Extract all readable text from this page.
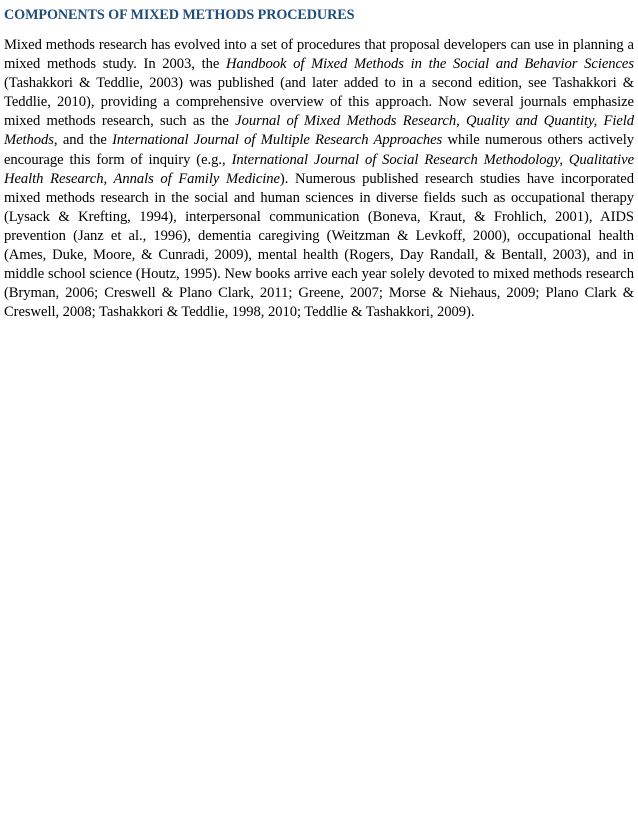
COMPONENTS OF MIXED METHODS PROCEDURES

Mixed methods research has evolved into a set of procedures that proposal developers can use in planning a mixed methods study. In 2003, the Handbook of Mixed Methods in the Social and Behavior Sciences (Tashakkori & Teddlie, 2003) was published (and later added to in a second edition, see Tashakkori & Teddlie, 2010), providing a comprehensive overview of this approach. Now several journals emphasize mixed methods research, such as the Journal of Mixed Methods Research, Quality and Quantity, Field Methods, and the International Journal of Multiple Research Approaches while numerous others actively encourage this form of inquiry (e.g., International Journal of Social Research Methodology, Qualitative Health Research, Annals of Family Medicine). Numerous published research studies have incorporated mixed methods research in the social and human sciences in diverse fields such as occupational therapy (Lysack & Krefting, 1994), interpersonal communication (Boneva, Kraut, & Frohlich, 2001), AIDS prevention (Janz et al., 1996), dementia caregiving (Weitzman & Levkoff, 2000), occupational health (Ames, Duke, Moore, & Cunradi, 2009), mental health (Rogers, Day Randall, & Bentall, 2003), and in middle school science (Houtz, 1995). New books arrive each year solely devoted to mixed methods research (Bryman, 2006; Creswell & Plano Clark, 2011; Greene, 2007; Morse & Niehaus, 2009; Plano Clark & Creswell, 2008; Tashakkori & Teddlie, 1998, 2010; Teddlie & Tashakkori, 2009).
